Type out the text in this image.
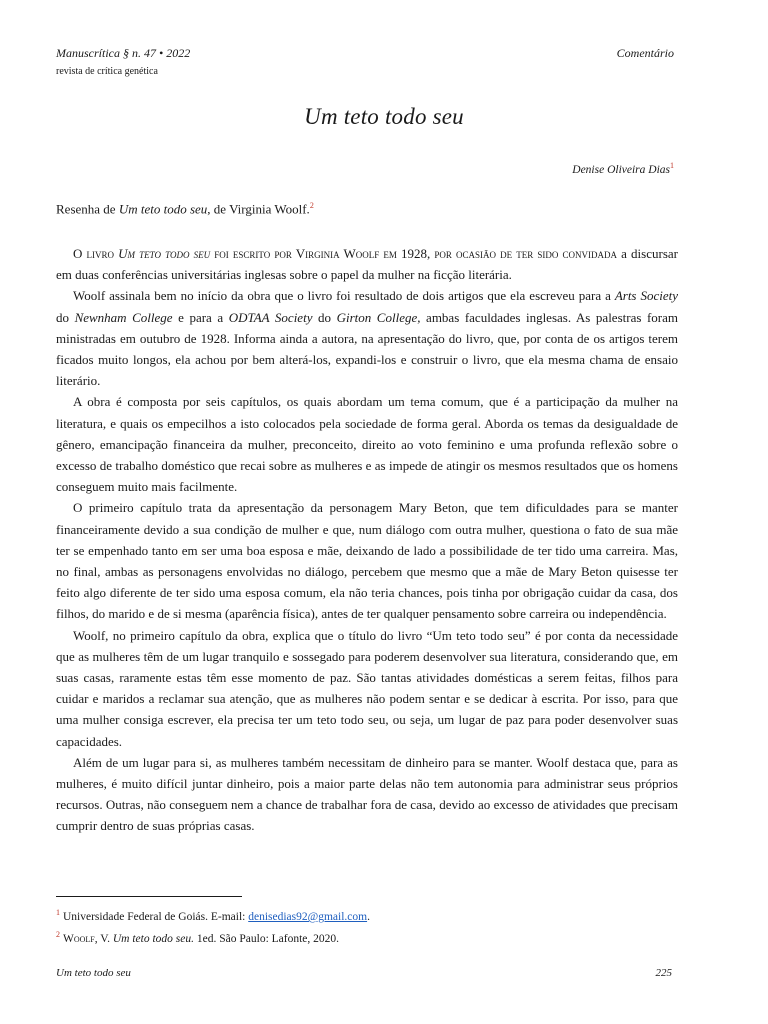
Manuscrítica § n. 47 • 2022
revista de crítica genética
Comentário
Um teto todo seu
Denise Oliveira Dias$^1$
Resenha de Um teto todo seu, de Virginia Woolf.$^2$

O livro Um teto todo seu foi escrito por Virginia Woolf em 1928, por ocasião de ter sido convidada a discursar em duas conferências universitárias inglesas sobre o papel da mulher na ficção literária.

Woolf assinala bem no início da obra que o livro foi resultado de dois artigos que ela escreveu para a Arts Society do Newnham College e para a ODTAA Society do Girton College, ambas faculdades inglesas. As palestras foram ministradas em outubro de 1928. Informa ainda a autora, na apresentação do livro, que, por conta de os artigos terem ficados muito longos, ela achou por bem alterá-los, expandi-los e construir o livro, que ela mesma chama de ensaio literário.

A obra é composta por seis capítulos, os quais abordam um tema comum, que é a participação da mulher na literatura, e quais os empecilhos a isto colocados pela sociedade de forma geral. Aborda os temas da desigualdade de gênero, emancipação financeira da mulher, preconceito, direito ao voto feminino e uma profunda reflexão sobre o excesso de trabalho doméstico que recai sobre as mulheres e as impede de atingir os mesmos resultados que os homens conseguem muito mais facilmente.

O primeiro capítulo trata da apresentação da personagem Mary Beton, que tem dificuldades para se manter financeiramente devido a sua condição de mulher e que, num diálogo com outra mulher, questiona o fato de sua mãe ter se empenhado tanto em ser uma boa esposa e mãe, deixando de lado a possibilidade de ter tido uma carreira. Mas, no final, ambas as personagens envolvidas no diálogo, percebem que mesmo que a mãe de Mary Beton quisesse ter feito algo diferente de ter sido uma esposa comum, ela não teria chances, pois tinha por obrigação cuidar da casa, dos filhos, do marido e de si mesma (aparência física), antes de ter qualquer pensamento sobre carreira ou independência.

Woolf, no primeiro capítulo da obra, explica que o título do livro “Um teto todo seu” é por conta da necessidade que as mulheres têm de um lugar tranquilo e sossegado para poderem desenvolver sua literatura, considerando que, em suas casas, raramente estas têm esse momento de paz. São tantas atividades domésticas a serem feitas, filhos para cuidar e maridos a reclamar sua atenção, que as mulheres não podem sentar e se dedicar à escrita. Por isso, para que uma mulher consiga escrever, ela precisa ter um teto todo seu, ou seja, um lugar de paz para poder desenvolver suas capacidades.

Além de um lugar para si, as mulheres também necessitam de dinheiro para se manter. Woolf destaca que, para as mulheres, é muito difícil juntar dinheiro, pois a maior parte delas não tem autonomia para administrar seus próprios recursos. Outras, não conseguem nem a chance de trabalhar fora de casa, devido ao excesso de atividades que precisam cumprir dentro de suas próprias casas.

$^1$ Universidade Federal de Goiás. E-mail: denisedias92@gmail.com.
$^2$ Woolf, V. Um teto todo seu. 1ed. São Paulo: Lafonte, 2020.
Um teto todo seu	225
